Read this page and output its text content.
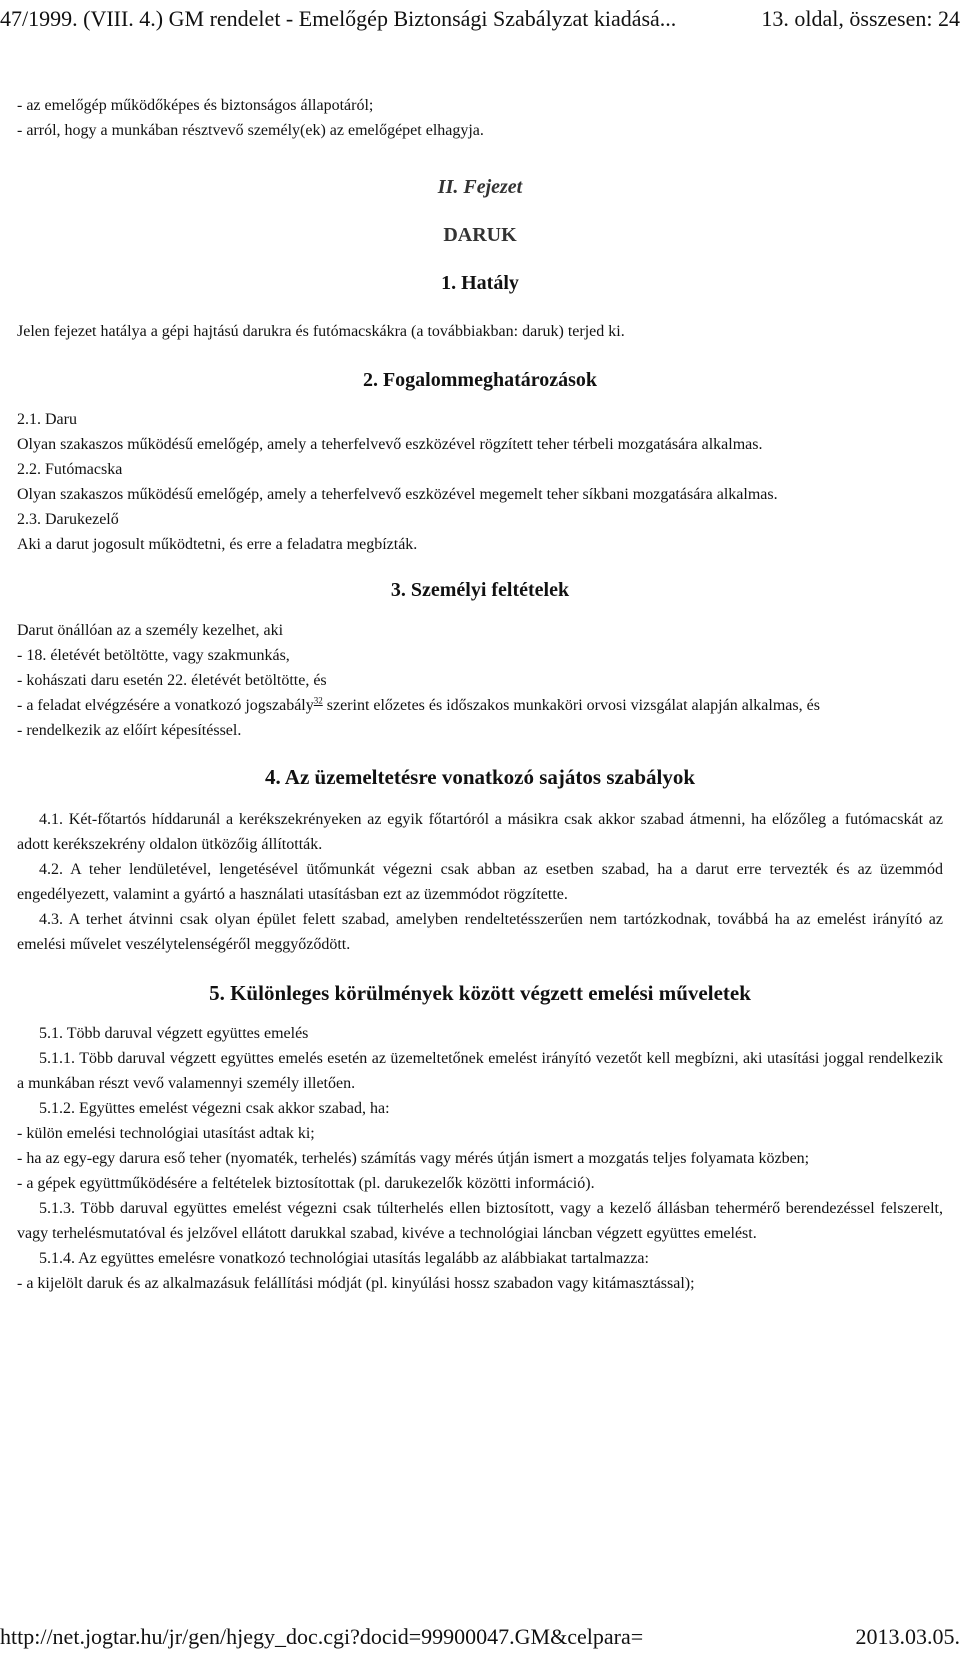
47/1999. (VIII. 4.) GM rendelet - Emelőgép Biztonsági Szabályzat kiadásá...	13. oldal, összesen: 24

- az emelőgép működőképes és biztonságos állapotáról;

- arról, hogy a munkában résztvevő személy(ek) az emelőgépet elhagyja.

II. Fejezet

DARUK

1. Hatály

Jelen fejezet hatálya a gépi hajtású darukra és futómacskákra (a továbbiakban: daruk) terjed ki.

2. Fogalommeghatározások

2.1. Daru

Olyan szakaszos működésű emelőgép, amely a teherfelvevő eszközével rögzített teher térbeli mozgatására alkalmas.

2.2. Futómacska

Olyan szakaszos működésű emelőgép, amely a teherfelvevő eszközével megemelt teher síkbani mozgatására alkalmas.

2.3. Darukezelő

Aki a darut jogosult működtetni, és erre a feladatra megbízták.

3. Személyi feltételek

Darut önállóan az a személy kezelhet, aki

- 18. életévét betöltötte, vagy szakmunkás,

- kohászati daru esetén 22. életévét betöltötte, és

- a feladat elvégzésére a vonatkozó jogszabály$^{32}$ szerint előzetes és időszakos munkaköri orvosi vizsgálat alapján alkalmas, és

- rendelkezik az előírt képesítéssel.

4. Az üzemeltetésre vonatkozó sajátos szabályok

4.1. Két-főtartós híddarunál a kerékszekrényeken az egyik főtartóról a másikra csak akkor szabad átmenni, ha előzőleg a futómacskát az adott kerékszekrény oldalon ütközőig állították.

4.2. A teher lendületével, lengetésével ütőmunkát végezni csak abban az esetben szabad, ha a darut erre tervezték és az üzemmód engedélyezett, valamint a gyártó a használati utasításban ezt az üzemmódot rögzítette.

4.3. A terhet átvinni csak olyan épület felett szabad, amelyben rendeltetésszerűen nem tartózkodnak, továbbá ha az emelést irányító az emelési művelet veszélytelenségéről meggyőződött.

5. Különleges körülmények között végzett emelési műveletek

5.1. Több daruval végzett együttes emelés

5.1.1. Több daruval végzett együttes emelés esetén az üzemeltetőnek emelést irányító vezetőt kell megbízni, aki utasítási joggal rendelkezik a munkában részt vevő valamennyi személy illetően.

5.1.2. Együttes emelést végezni csak akkor szabad, ha:

- külön emelési technológiai utasítást adtak ki;

- ha az egy-egy darura eső teher (nyomaték, terhelés) számítás vagy mérés útján ismert a mozgatás teljes folyamata közben;

- a gépek együttműködésére a feltételek biztosítottak (pl. darukezelők közötti információ).

5.1.3. Több daruval együttes emelést végezni csak túlterhelés ellen biztosított, vagy a kezelő állásban tehermérő berendezéssel felszerelt, vagy terhelésmutatóval és jelzővel ellátott darukkal szabad, kivéve a technológiai láncban végzett együttes emelést.

5.1.4. Az együttes emelésre vonatkozó technológiai utasítás legalább az alábbiakat tartalmazza:

- a kijelölt daruk és az alkalmazásuk felállítási módját (pl. kinyúlási hossz szabadon vagy kitámasztással);

http://net.jogtar.hu/jr/gen/hjegy_doc.cgi?docid=99900047.GM&celpara=	2013.03.05.
